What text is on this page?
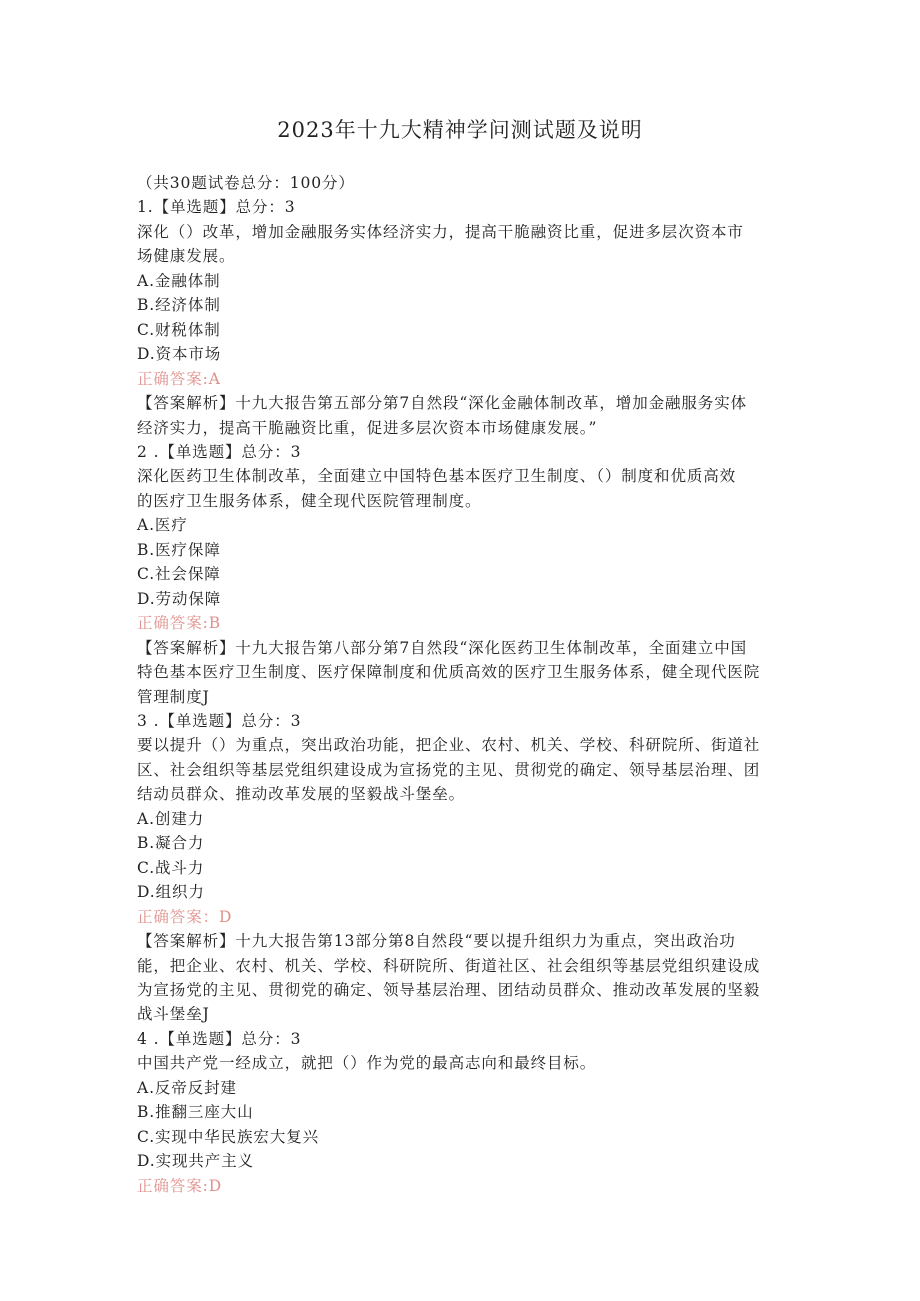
2023年十九大精神学问测试题及说明
（共30题试卷总分：100分）
1.【单选题】总分：3
深化（）改革，增加金融服务实体经济实力，提高干脆融资比重，促进多层次资本市
场健康发展。
A.金融体制
B.经济体制
C.财税体制
D.资本市场
正确答案:A
【答案解析】十九大报告第五部分第7自然段“深化金融体制改革，增加金融服务实体
经济实力，提高干脆融资比重，促进多层次资本市场健康发展。”
2 .【单选题】总分：3
深化医药卫生体制改革，全面建立中国特色基本医疗卫生制度、（）制度和优质高效
的医疗卫生服务体系，健全现代医院管理制度。
A.医疗
B.医疗保障
C.社会保障
D.劳动保障
正确答案:B
【答案解析】十九大报告第八部分第7自然段“深化医药卫生体制改革，全面建立中国
特色基本医疗卫生制度、医疗保障制度和优质高效的医疗卫生服务体系，健全现代医院
管理制度J
3 .【单选题】总分：3
要以提升（）为重点，突出政治功能，把企业、农村、机关、学校、科研院所、街道社
区、社会组织等基层党组织建设成为宣扬党的主见、贯彻党的确定、领导基层治理、团
结动员群众、推动改革发展的坚毅战斗堡垒。
A.创建力
B.凝合力
C.战斗力
D.组织力
正确答案：D
【答案解析】十九大报告第13部分第8自然段“要以提升组织力为重点，突出政治功
能，把企业、农村、机关、学校、科研院所、街道社区、社会组织等基层党组织建设成
为宣扬党的主见、贯彻党的确定、领导基层治理、团结动员群众、推动改革发展的坚毅
战斗堡垒J
4 .【单选题】总分：3
中国共产党一经成立，就把（）作为党的最高志向和最终目标。
A.反帝反封建
B.推翻三座大山
C.实现中华民族宏大复兴
D.实现共产主义
正确答案:D
